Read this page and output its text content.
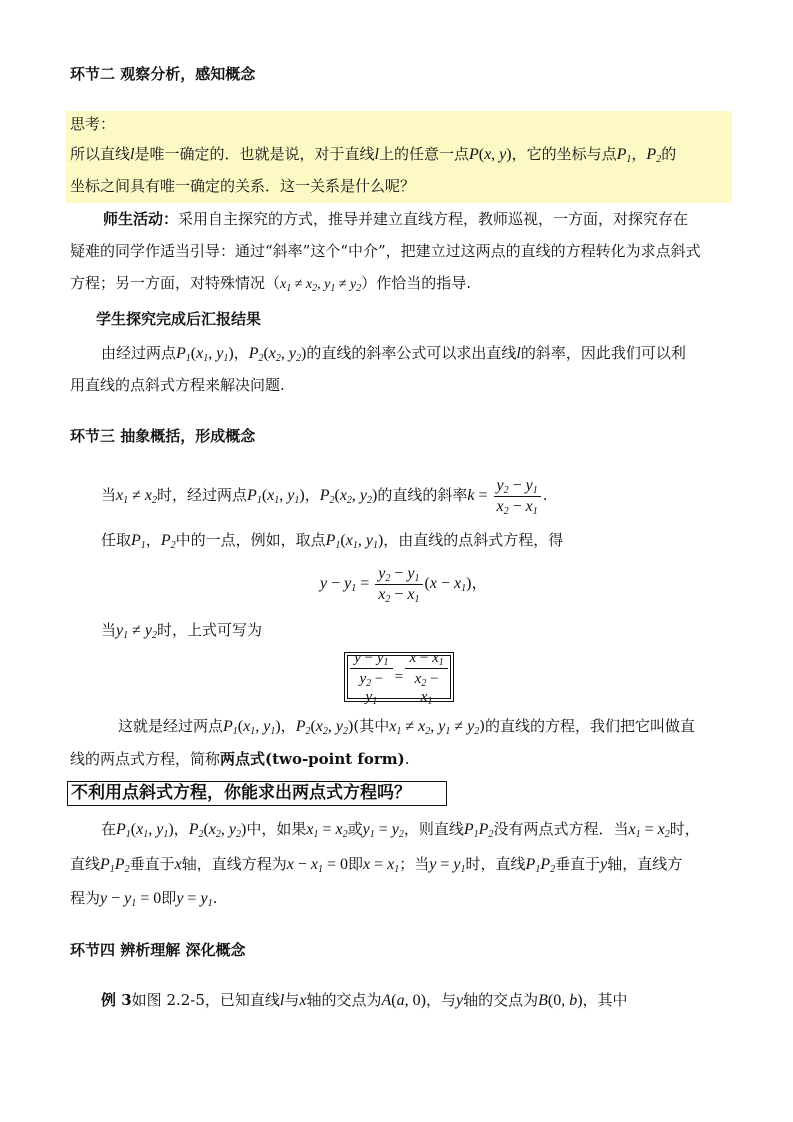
环节二 观察分析，感知概念
思考：
所以直线l是唯一确定的．也就是说，对于直线l上的任意一点P(x, y)，它的坐标与点$P_1$，$P_2$的
坐标之间具有唯一确定的关系．这一关系是什么呢？
师生活动：采用自主探究的方式，推导并建立直线方程，教师巡视，一方面，对探究存在
疑难的同学作适当引导：通过“斜率”这个“中介”，把建立过这两点的直线的方程转化为求点斜式
方程；另一方面，对特殊情况（$x_1 \ne x_2$, $y_1 \ne y_2$）作恰当的指导.
学生探究完成后汇报结果
由经过两点$P_1(x_1$, $y_1$)，$P_2(x_2$, $y_2$)的直线的斜率公式可以求出直线l的斜率，因此我们可以利
用直线的点斜式方程来解决问题.
环节三 抽象概括，形成概念
当$x_1 \ne x_2$时，经过两点$P_1(x_1$, $y_1$)，$P_2(x_2$, $y_2$)的直线的斜率$k = \frac{y_2 - y_1}{x_2 - x_1}$ .
任取$P_1$，$P_2$中的一点，例如，取点$P_1(x_1$, $y_1$)，由直线的点斜式方程，得
$y - y_1 = \frac{y_2 - y_1}{x_2 - x_1} (x - x_1)$，
当$y_1 \ne y_2$时，上式可写为
$\frac{y - y_1}{y_2 - y_1} = \frac{x - x_1}{x_2 - x_1}$
这就是经过两点$P_1(x_1$, $y_1$)，$P_2(x_2$, $y_2$)(其中$x_1 \ne x_2$, $y_1 \ne y_2$)的直线的方程，我们把它叫做直
线的两点式方程，简称两点式(two-point form).
不利用点斜式方程，你能求出两点式方程吗？
在$P_1(x_1$, $y_1$)，$P_2(x_2$, $y_2$)中，如果$x_1 = x_2$或$y_1 = y_2$，则直线$P_1P_2$没有两点式方程．当$x_1 = x_2$时，
直线$P_1P_2$垂直于x轴，直线方程为$x - x_1 = 0$即$x = x_1$；当$y = y_1$时，直线$P_1P_2$垂直于y轴，直线方
程为$y - y_1 = 0$即$y = y_1$.
环节四 辨析理解 深化概念
例 3如图 2.2-5，已知直线l与x轴的交点为A(a, 0)，与y轴的交点为B(0, b)，其中
